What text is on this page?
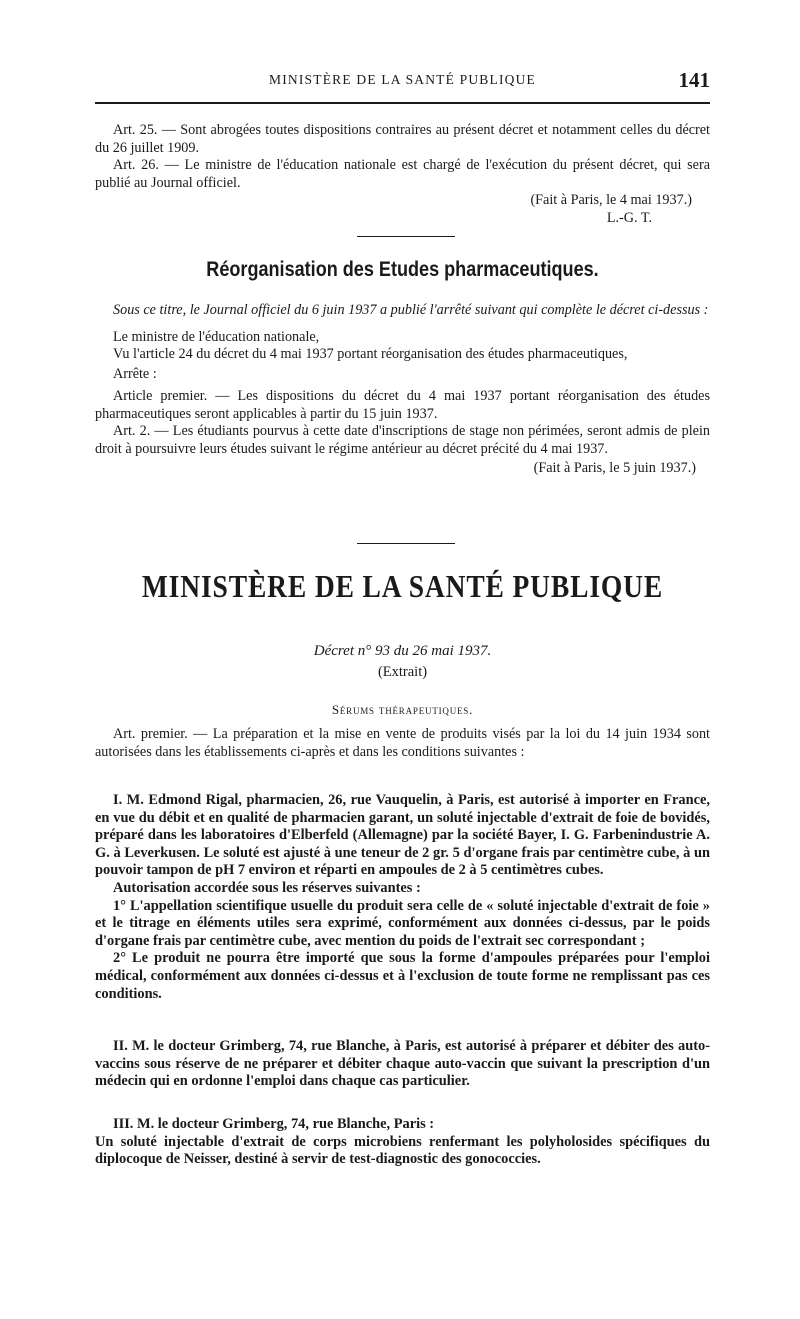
MINISTÈRE DE LA SANTÉ PUBLIQUE	141

Art. 25. — Sont abrogées toutes dispositions contraires au présent décret et notamment celles du décret du 26 juillet 1909.

Art. 26. — Le ministre de l'éducation nationale est chargé de l'exécution du présent décret, qui sera publié au Journal officiel.

(Fait à Paris, le 4 mai 1937.)

L.-G. T.

Réorganisation des Etudes pharmaceutiques.

Sous ce titre, le Journal officiel du 6 juin 1937 a publié l'arrêté suivant qui complète le décret ci-dessus :

Le ministre de l'éducation nationale,

Vu l'article 24 du décret du 4 mai 1937 portant réorganisation des études pharmaceutiques,

Arrête :

Article premier. — Les dispositions du décret du 4 mai 1937 portant réorganisation des études pharmaceutiques seront applicables à partir du 15 juin 1937.

Art. 2. — Les étudiants pourvus à cette date d'inscriptions de stage non périmées, seront admis de plein droit à poursuivre leurs études suivant le régime antérieur au décret précité du 4 mai 1937.

(Fait à Paris, le 5 juin 1937.)

MINISTÈRE DE LA SANTÉ PUBLIQUE
Décret n° 93 du 26 mai 1937.
(Extrait)
Sérums thérapeutiques.

Art. premier. — La préparation et la mise en vente de produits visés par la loi du 14 juin 1934 sont autorisées dans les établissements ci-après et dans les conditions suivantes :

I. M. Edmond Rigal, pharmacien, 26, rue Vauquelin, à Paris, est autorisé à importer en France, en vue du débit et en qualité de pharmacien garant, un soluté injectable d'extrait de foie de bovidés, préparé dans les laboratoires d'Elberfeld (Allemagne) par la société Bayer, I. G. Farbenindustrie A. G. à Leverkusen. Le soluté est ajusté à une teneur de 2 gr. 5 d'organe frais par centimètre cube, à un pouvoir tampon de pH 7 environ et réparti en ampoules de 2 à 5 centimètres cubes.

Autorisation accordée sous les réserves suivantes :

1° L'appellation scientifique usuelle du produit sera celle de « soluté injectable d'extrait de foie » et le titrage en éléments utiles sera exprimé, conformément aux données ci-dessus, par le poids d'organe frais par centimètre cube, avec mention du poids de l'extrait sec correspondant ;

2° Le produit ne pourra être importé que sous la forme d'ampoules préparées pour l'emploi médical, conformément aux données ci-dessus et à l'exclusion de toute forme ne remplissant pas ces conditions.

II. M. le docteur Grimberg, 74, rue Blanche, à Paris, est autorisé à préparer et débiter des auto-vaccins sous réserve de ne préparer et débiter chaque auto-vaccin que suivant la prescription d'un médecin qui en ordonne l'emploi dans chaque cas particulier.

III. M. le docteur Grimberg, 74, rue Blanche, Paris :

Un soluté injectable d'extrait de corps microbiens renfermant les polyholosides spécifiques du diplocoque de Neisser, destiné à servir de test-diagnostic des gonococcies.
